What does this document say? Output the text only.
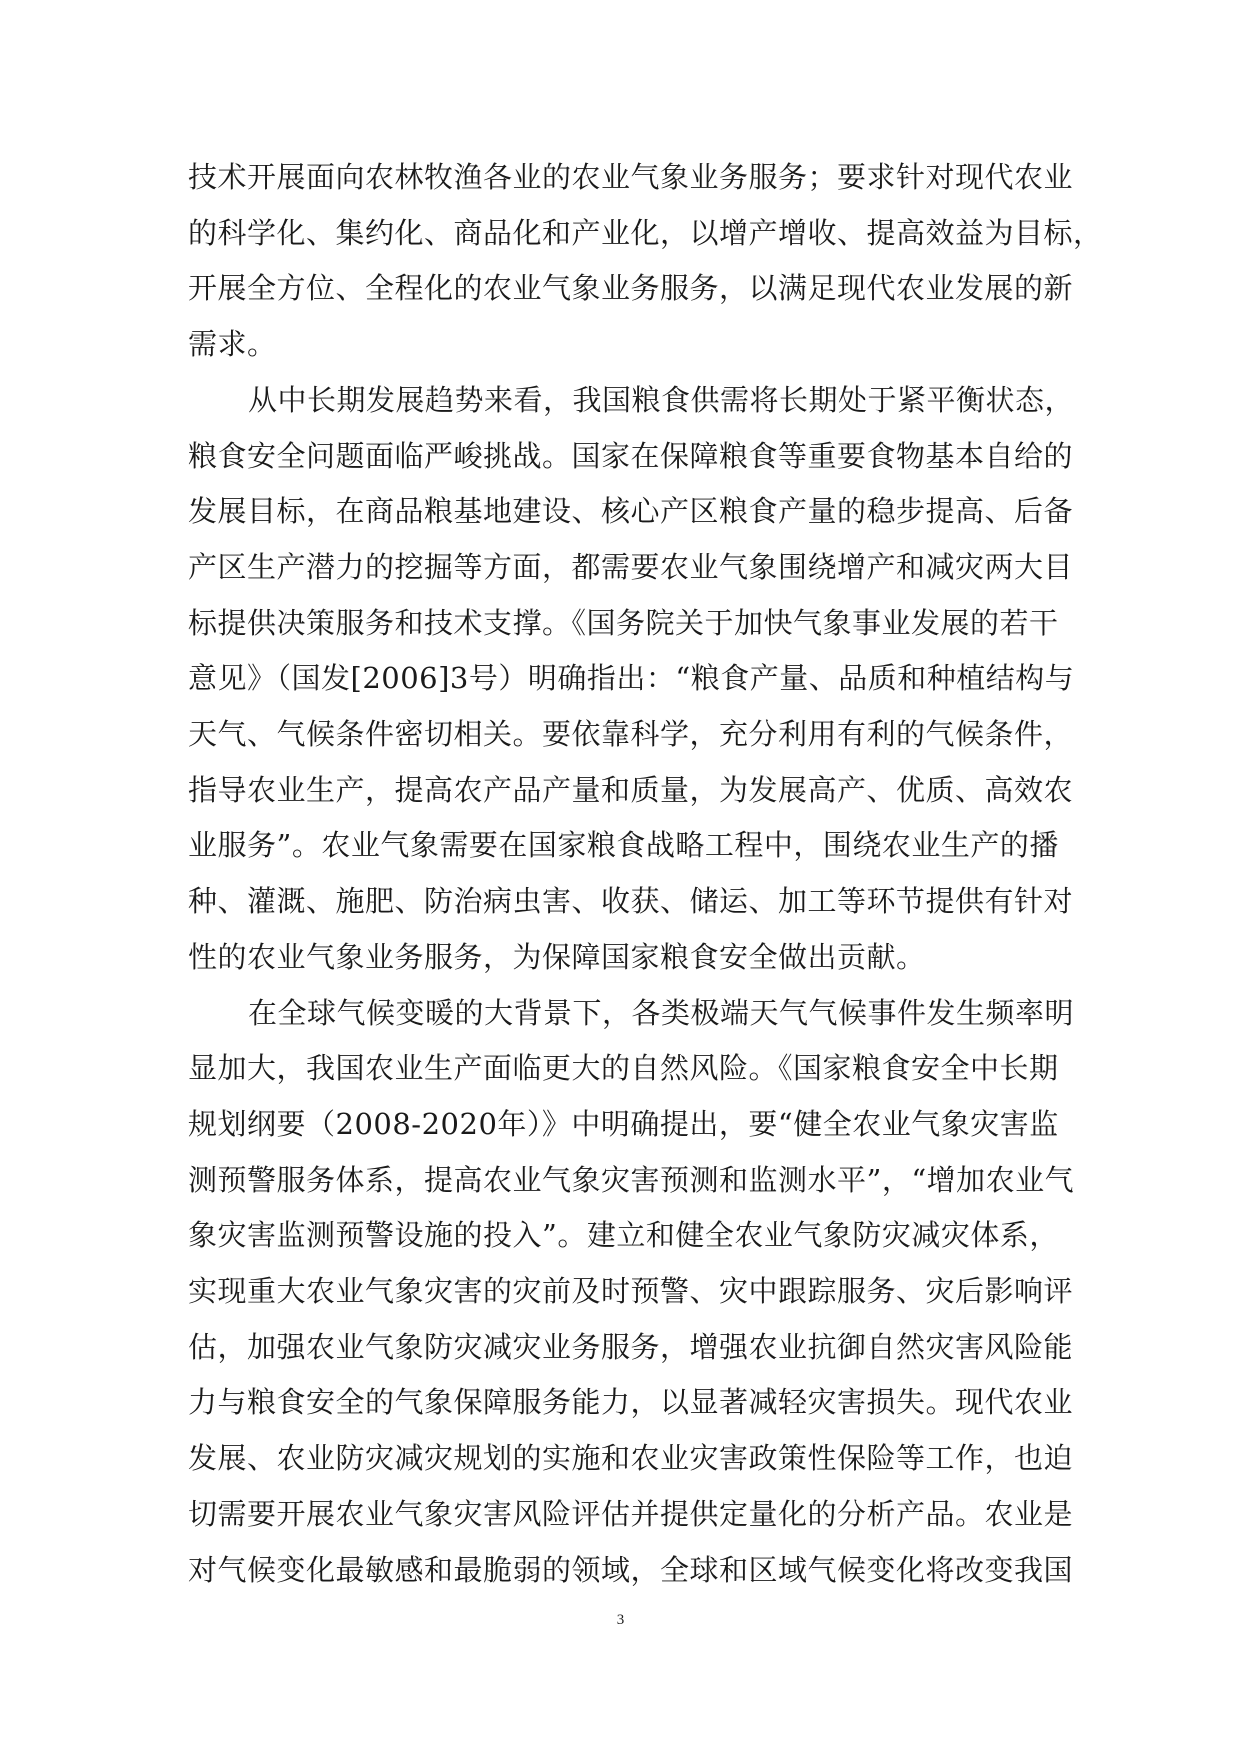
技术开展面向农林牧渔各业的农业气象业务服务；要求针对现代农业
的科学化、集约化、商品化和产业化，以增产增收、提高效益为目标，
开展全方位、全程化的农业气象业务服务，以满足现代农业发展的新
需求。
从中长期发展趋势来看，我国粮食供需将长期处于紧平衡状态，
粮食安全问题面临严峻挑战。国家在保障粮食等重要食物基本自给的
发展目标，在商品粮基地建设、核心产区粮食产量的稳步提高、后备
产区生产潜力的挖掘等方面，都需要农业气象围绕增产和减灾两大目
标提供决策服务和技术支撑。《国务院关于加快气象事业发展的若干
意见》（国发[2006]3号）明确指出：“粮食产量、品质和种植结构与
天气、气候条件密切相关。要依靠科学，充分利用有利的气候条件，
指导农业生产，提高农产品产量和质量，为发展高产、优质、高效农
业服务”。农业气象需要在国家粮食战略工程中，围绕农业生产的播
种、灌溉、施肥、防治病虫害、收获、储运、加工等环节提供有针对
性的农业气象业务服务，为保障国家粮食安全做出贡献。
在全球气候变暖的大背景下，各类极端天气气候事件发生频率明
显加大，我国农业生产面临更大的自然风险。《国家粮食安全中长期
规划纲要（2008-2020年）》中明确提出，要“健全农业气象灾害监
测预警服务体系，提高农业气象灾害预测和监测水平”，“增加农业气
象灾害监测预警设施的投入”。建立和健全农业气象防灾减灾体系，
实现重大农业气象灾害的灾前及时预警、灾中跟踪服务、灾后影响评
估，加强农业气象防灾减灾业务服务，增强农业抗御自然灾害风险能
力与粮食安全的气象保障服务能力，以显著减轻灾害损失。现代农业
发展、农业防灾减灾规划的实施和农业灾害政策性保险等工作，也迫
切需要开展农业气象灾害风险评估并提供定量化的分析产品。农业是
对气候变化最敏感和最脆弱的领域，全球和区域气候变化将改变我国
3
